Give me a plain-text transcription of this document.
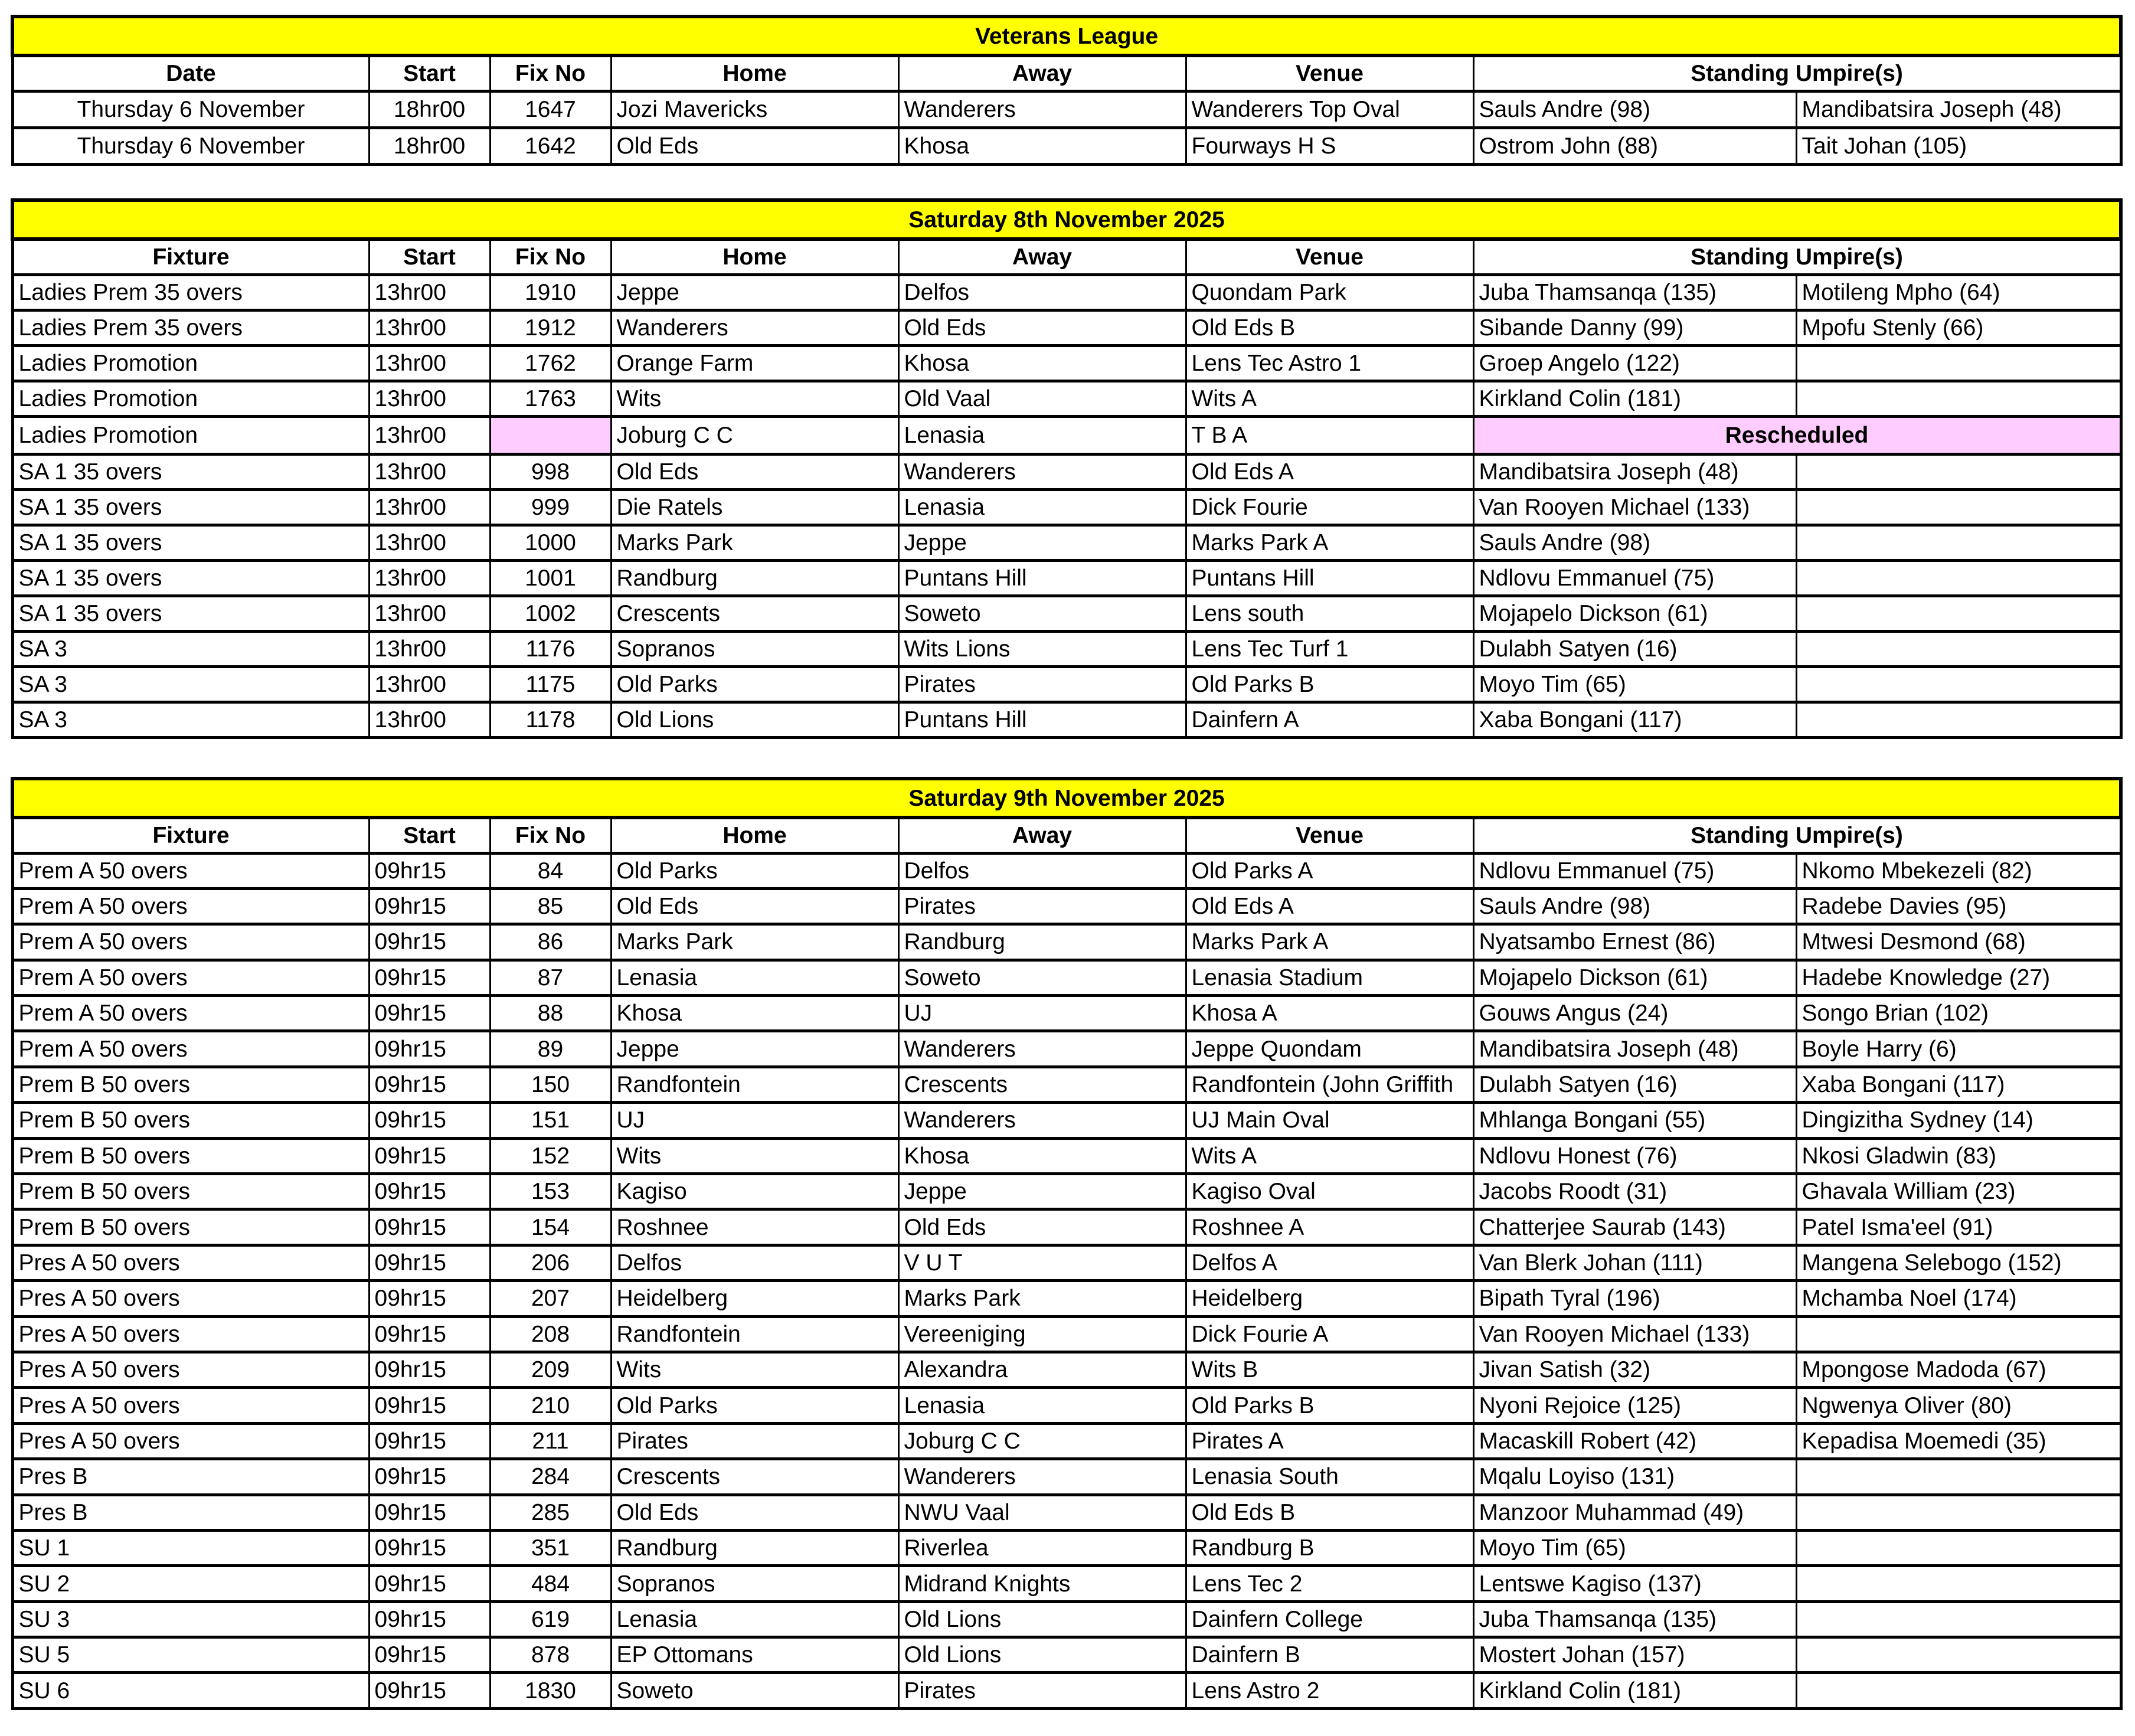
Veterans League							
Date	Start	Fix No	Home	Away	Venue	Standing Umpire(s)	
Thursday 6 November	18hr00	1647	Jozi Mavericks	Wanderers	Wanderers Top Oval	Sauls Andre (98)	Mandibatsira Joseph (48)
Thursday 6 November	18hr00	1642	Old Eds	Khosa	Fourways H S	Ostrom John (88)	Tait Johan (105)
Saturday 8th November 2025							
Fixture	Start	Fix No	Home	Away	Venue	Standing Umpire(s)	
Ladies Prem 35 overs	13hr00	1910	Jeppe	Delfos	Quondam Park	Juba Thamsanqa (135)	Motileng Mpho (64)
Ladies Prem 35 overs	13hr00	1912	Wanderers	Old Eds	Old Eds B	Sibande Danny (99)	Mpofu Stenly (66)
Ladies Promotion	13hr00	1762	Orange Farm	Khosa	Lens Tec Astro 1	Groep Angelo (122)	
Ladies Promotion	13hr00	1763	Wits	Old Vaal	Wits A	Kirkland Colin (181)	
Ladies Promotion	13hr00		Joburg C C	Lenasia	T B A	Rescheduled	
SA 1 35 overs	13hr00	998	Old Eds	Wanderers	Old Eds A	Mandibatsira Joseph (48)	
SA 1 35 overs	13hr00	999	Die Ratels	Lenasia	Dick Fourie	Van Rooyen Michael (133)	
SA 1 35 overs	13hr00	1000	Marks Park	Jeppe	Marks Park A	Sauls Andre (98)	
SA 1 35 overs	13hr00	1001	Randburg	Puntans Hill	Puntans Hill	Ndlovu Emmanuel (75)	
SA 1 35 overs	13hr00	1002	Crescents	Soweto	Lens south	Mojapelo Dickson (61)	
SA 3	13hr00	1176	Sopranos	Wits Lions	Lens Tec Turf 1	Dulabh Satyen (16)	
SA 3	13hr00	1175	Old Parks	Pirates	Old Parks B	Moyo Tim (65)	
SA 3	13hr00	1178	Old Lions	Puntans Hill	Dainfern A	Xaba Bongani (117)	
Saturday 9th November 2025							
Fixture	Start	Fix No	Home	Away	Venue	Standing Umpire(s)	
Prem A 50 overs	09hr15	84	Old Parks	Delfos	Old Parks A	Ndlovu Emmanuel (75)	Nkomo Mbekezeli (82)
Prem A 50 overs	09hr15	85	Old Eds	Pirates	Old Eds A	Sauls Andre (98)	Radebe Davies (95)
Prem A 50 overs	09hr15	86	Marks Park	Randburg	Marks Park A	Nyatsambo Ernest (86)	Mtwesi Desmond (68)
Prem A 50 overs	09hr15	87	Lenasia	Soweto	Lenasia Stadium	Mojapelo Dickson (61)	Hadebe Knowledge (27)
Prem A 50 overs	09hr15	88	Khosa	UJ	Khosa A	Gouws Angus (24)	Songo Brian (102)
Prem A 50 overs	09hr15	89	Jeppe	Wanderers	Jeppe Quondam	Mandibatsira Joseph (48)	Boyle Harry (6)
Prem B 50 overs	09hr15	150	Randfontein	Crescents	Randfontein (John Griffith	Dulabh Satyen (16)	Xaba Bongani (117)
Prem B 50 overs	09hr15	151	UJ	Wanderers	UJ Main Oval	Mhlanga Bongani (55)	Dingizitha Sydney (14)
Prem B 50 overs	09hr15	152	Wits	Khosa	Wits A	Ndlovu Honest (76)	Nkosi Gladwin (83)
Prem B 50 overs	09hr15	153	Kagiso	Jeppe	Kagiso Oval	Jacobs Roodt (31)	Ghavala William (23)
Prem B 50 overs	09hr15	154	Roshnee	Old Eds	Roshnee A	Chatterjee Saurab (143)	Patel Isma'eel (91)
Pres A 50 overs	09hr15	206	Delfos	V U T	Delfos A	Van Blerk Johan (111)	Mangena Selebogo (152)
Pres A 50 overs	09hr15	207	Heidelberg	Marks Park	Heidelberg	Bipath Tyral (196)	Mchamba Noel (174)
Pres A 50 overs	09hr15	208	Randfontein	Vereeniging	Dick Fourie A	Van Rooyen Michael (133)	
Pres A 50 overs	09hr15	209	Wits	Alexandra	Wits B	Jivan Satish (32)	Mpongose Madoda (67)
Pres A 50 overs	09hr15	210	Old Parks	Lenasia	Old Parks B	Nyoni Rejoice (125)	Ngwenya Oliver (80)
Pres A 50 overs	09hr15	211	Pirates	Joburg C C	Pirates A	Macaskill Robert (42)	Kepadisa Moemedi (35)
Pres B	09hr15	284	Crescents	Wanderers	Lenasia South	Mqalu Loyiso (131)	
Pres B	09hr15	285	Old Eds	NWU Vaal	Old Eds B	Manzoor Muhammad (49)	
SU 1	09hr15	351	Randburg	Riverlea	Randburg B	Moyo Tim (65)	
SU 2	09hr15	484	Sopranos	Midrand Knights	Lens Tec 2	Lentswe Kagiso (137)	
SU 3	09hr15	619	Lenasia	Old Lions	Dainfern College	Juba Thamsanqa (135)	
SU 5	09hr15	878	EP Ottomans	Old Lions	Dainfern B	Mostert Johan (157)	
SU 6	09hr15	1830	Soweto	Pirates	Lens Astro 2	Kirkland Colin (181)	
